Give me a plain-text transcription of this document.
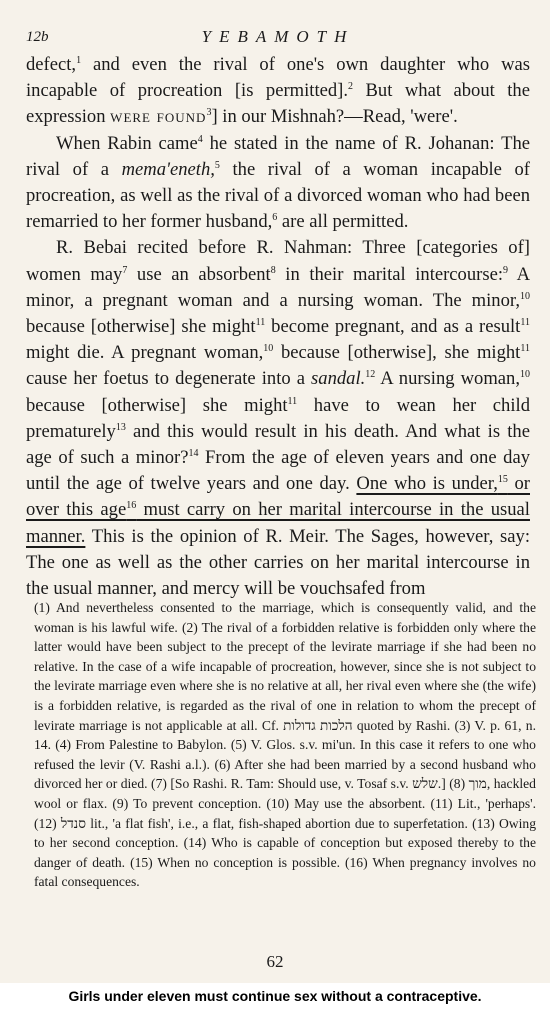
12b	YEBAMOTH

defect,$^1$ and even the rival of one's own daughter who was incapable of procreation [is permitted].$^2$ But what about the expression were found$^3$] in our Mishnah?—Read, 'were'.

When Rabin came$^4$ he stated in the name of R. Johanan: The rival of a mema'eneth,$^5$ the rival of a woman incapable of procreation, as well as the rival of a divorced woman who had been remarried to her former husband,$^6$ are all permitted.

R. Bebai recited before R. Nahman: Three [categories of] women may$^7$ use an absorbent$^8$ in their marital intercourse:$^9$ A minor, a pregnant woman and a nursing woman. The minor,$^{10}$ because [otherwise] she might$^{11}$ become pregnant, and as a result$^{11}$ might die. A pregnant woman,$^{10}$ because [otherwise], she might$^{11}$ cause her foetus to degenerate into a sandal.$^{12}$ A nursing woman,$^{10}$ because [otherwise] she might$^{11}$ have to wean her child prematurely$^{13}$ and this would result in his death. And what is the age of such a minor?$^{14}$ From the age of eleven years and one day until the age of twelve years and one day. One who is under,$^{15}$ or over this age$^{16}$ must carry on her marital intercourse in the usual manner. This is the opinion of R. Meir. The Sages, however, say: The one as well as the other carries on her marital intercourse in the usual manner, and mercy will be vouchsafed from

(1) And nevertheless consented to the marriage, which is consequently valid, and the woman is his lawful wife. (2) The rival of a forbidden relative is forbidden only where the latter would have been subject to the precept of the levirate marriage if she had been no relative. In the case of a wife incapable of procreation, however, since she is not subject to the levirate marriage even where she is no relative at all, her rival even where she (the wife) is a forbidden relative, is regarded as the rival of one in relation to whom the precept of levirate marriage is not applicable at all. Cf. הלכות גדולות quoted by Rashi. (3) V. p. 61, n. 14. (4) From Palestine to Babylon. (5) V. Glos. s.v. mi'un. In this case it refers to one who refused the levir (V. Rashi a.l.). (6) After she had been married by a second husband who divorced her or died. (7) [So Rashi. R. Tam: Should use, v. Tosaf s.v. שלש.] (8) מוך, hackled wool or flax. (9) To prevent conception. (10) May use the absorbent. (11) Lit., 'perhaps'. (12) סנדל lit., 'a flat fish', i.e., a flat, fish-shaped abortion due to superfetation. (13) Owing to her second conception. (14) Who is capable of conception but exposed thereby to the danger of death. (15) When no conception is possible. (16) When pregnancy involves no fatal consequences.

62
Girls under eleven must continue sex without a contraceptive.
